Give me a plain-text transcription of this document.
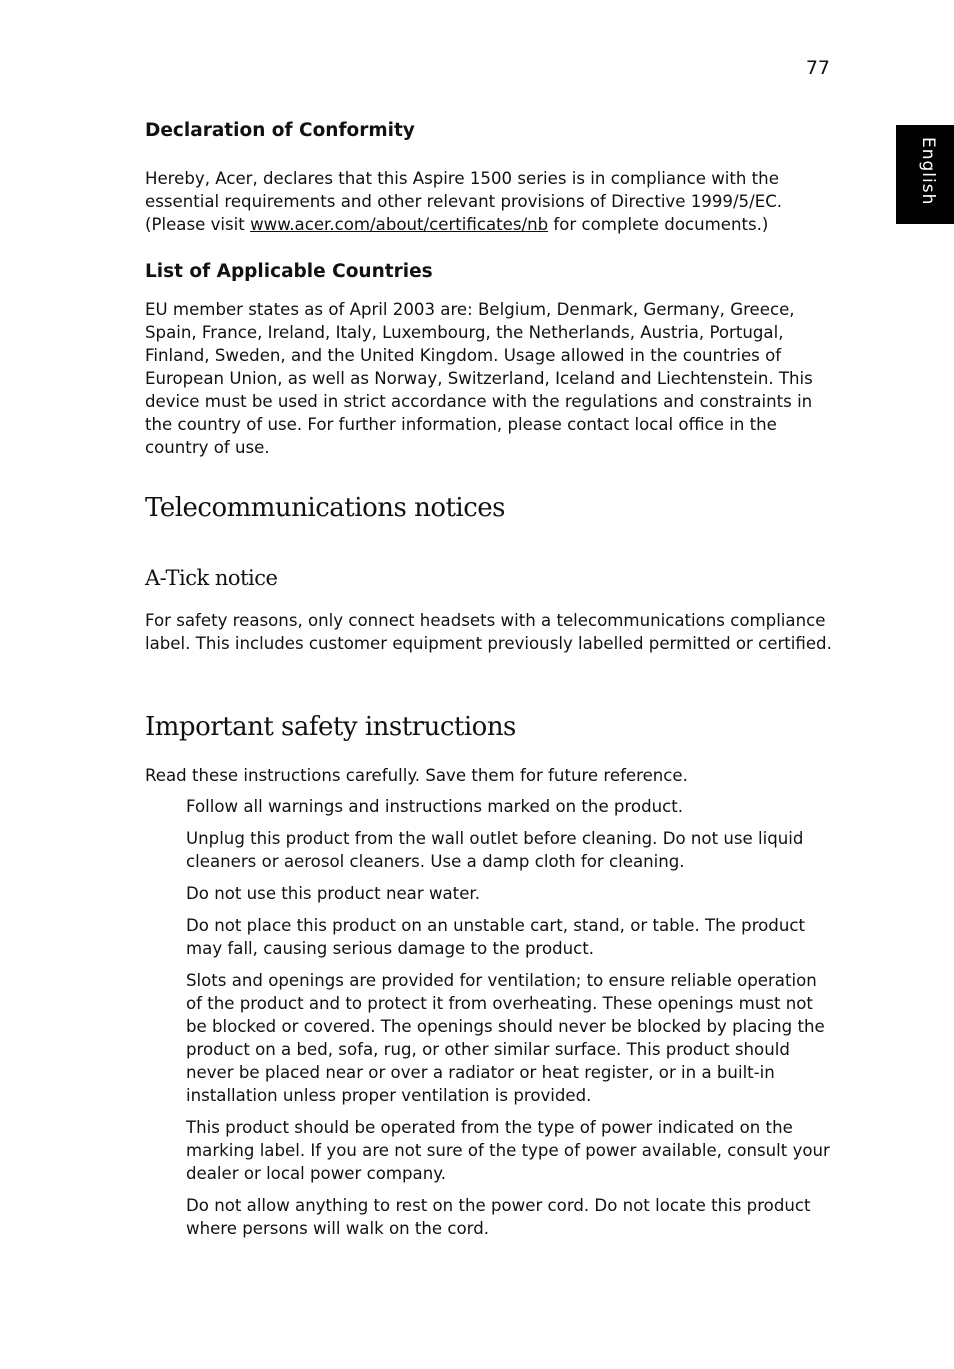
77
English
Declaration of Conformity

Hereby, Acer, declares that this Aspire 1500 series is in compliance with the essential requirements and other relevant provisions of Directive 1999/5/EC. (Please visit www.acer.com/about/certificates/nb for complete documents.)

List of Applicable Countries

EU member states as of April 2003 are: Belgium, Denmark, Germany, Greece, Spain, France, Ireland, Italy, Luxembourg, the Netherlands, Austria, Portugal, Finland, Sweden, and the United Kingdom. Usage allowed in the countries of European Union, as well as Norway, Switzerland, Iceland and Liechtenstein. This device must be used in strict accordance with the regulations and constraints in the country of use. For further information, please contact local office in the country of use.

Telecommunications notices
A-Tick notice

For safety reasons, only connect headsets with a telecommunications compliance label. This includes customer equipment previously labelled permitted or certified.

Important safety instructions

Read these instructions carefully. Save them for future reference.

Follow all warnings and instructions marked on the product.
Unplug this product from the wall outlet before cleaning. Do not use liquid cleaners or aerosol cleaners. Use a damp cloth for cleaning.
Do not use this product near water.
Do not place this product on an unstable cart, stand, or table. The product may fall, causing serious damage to the product.
Slots and openings are provided for ventilation; to ensure reliable operation of the product and to protect it from overheating. These openings must not be blocked or covered. The openings should never be blocked by placing the product on a bed, sofa, rug, or other similar surface. This product should never be placed near or over a radiator or heat register, or in a built-in installation unless proper ventilation is provided.
This product should be operated from the type of power indicated on the marking label. If you are not sure of the type of power available, consult your dealer or local power company.
Do not allow anything to rest on the power cord. Do not locate this product where persons will walk on the cord.
